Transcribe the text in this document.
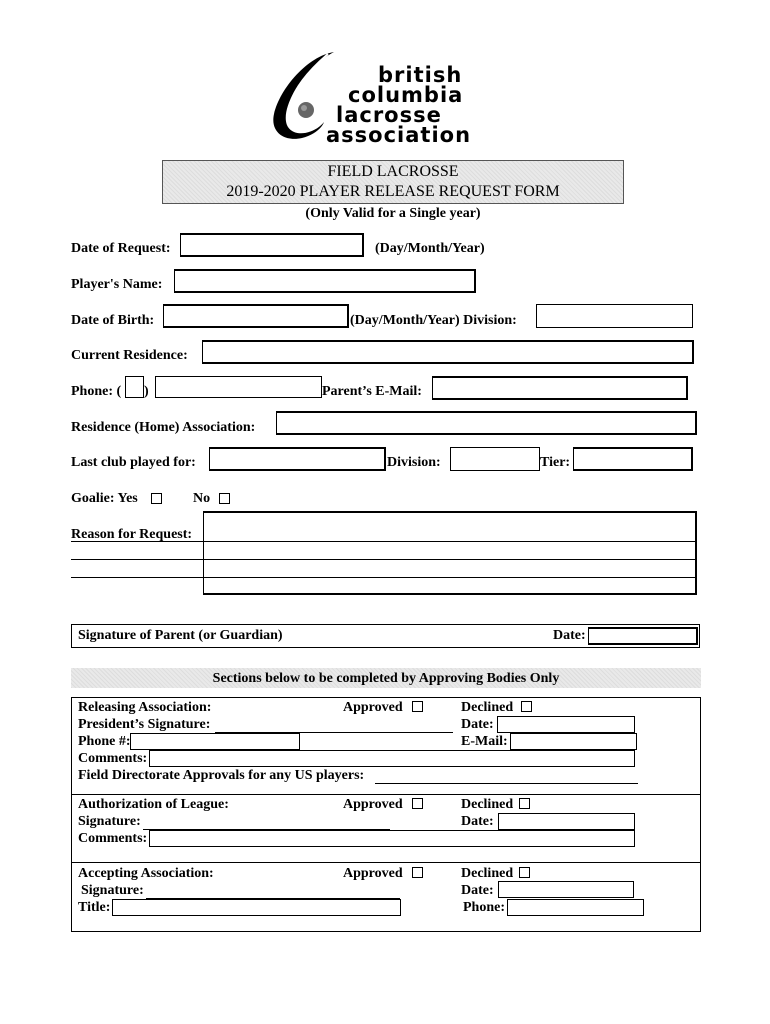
british
columbia
lacrosse
association
FIELD LACROSSE
2019-2020 PLAYER RELEASE REQUEST FORM
(Only Valid for a Single year)
Date of Request:	(Day/Month/Year)
Player's Name:
Date of Birth:	(Day/Month/Year) Division:
Current Residence:
Phone: ( )	Parent’s E-Mail:
Residence (Home) Association:
Last club played for:	Division:	Tier:
Goalie: Yes	No
Reason for Request:
Signature of Parent (or Guardian)	Date:
Sections below to be completed by Approving Bodies Only
Releasing Association:	Approved	Declined
President’s Signature:	Date:
Phone #:	E-Mail:
Comments:
Field Directorate Approvals for any US players:
Authorization of League:	Approved	Declined
Signature:	Date:
Comments:
Accepting Association:	Approved	Declined
Signature:	Date:
Title:	Phone:
